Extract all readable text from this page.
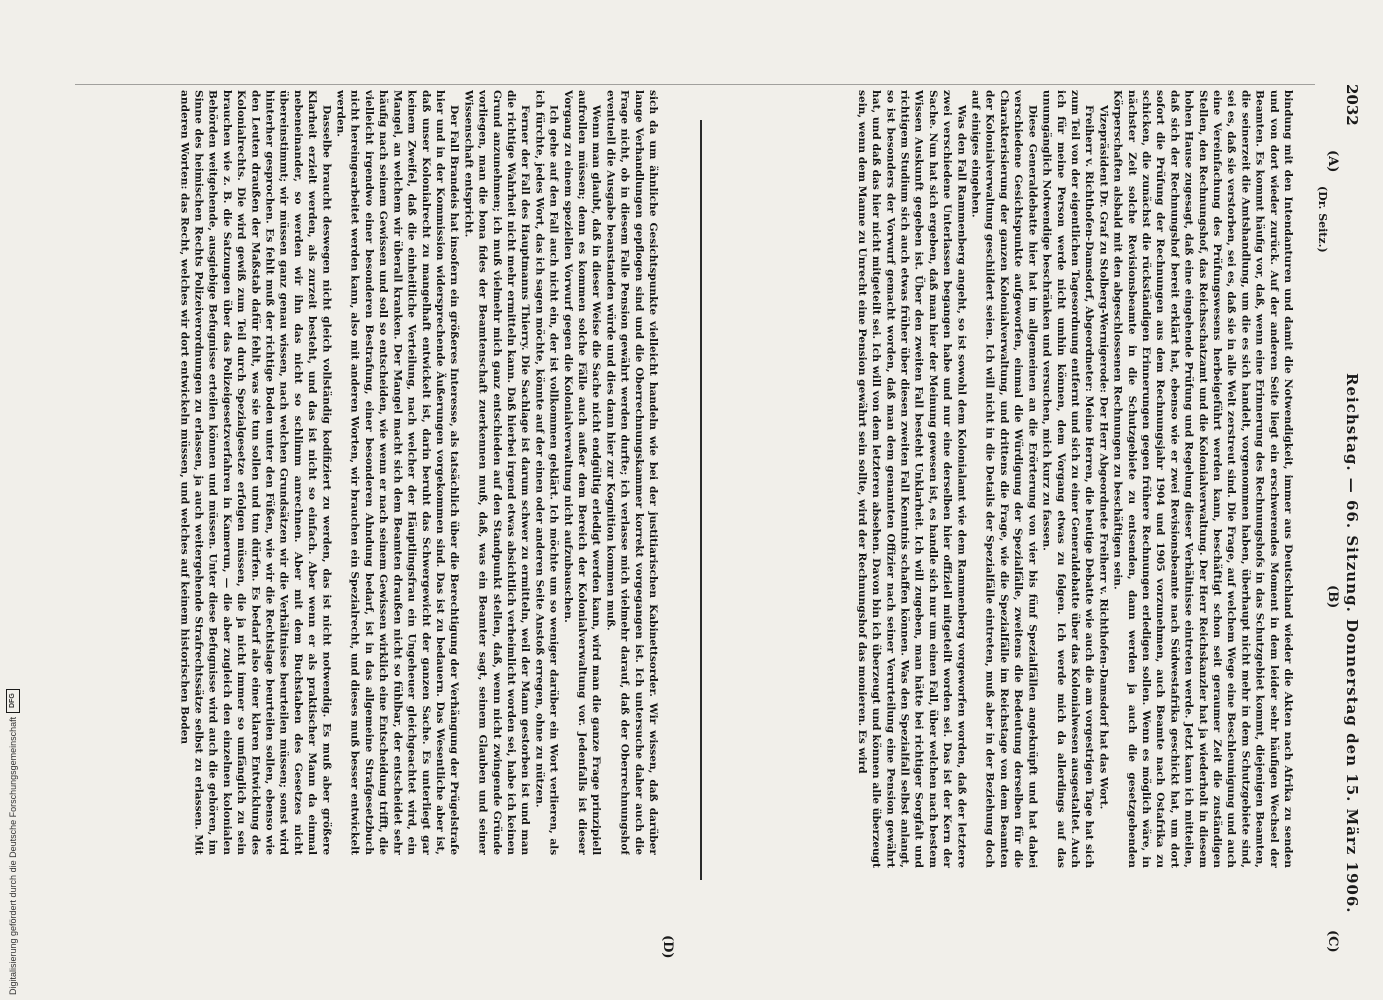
2032
Reichstag. — 66. Sitzung. Donnerstag den 15. März 1906.
(A)
(B)
(C)
(D)
(Dr. Seitz.)

bindung mit den Intendanturen und damit die Notwendigkeit, immer aus Deutschland wieder die Akten nach Afrika zu senden und von dort wieder zurück. Auf der anderen Seite liegt ein erschwerendes Moment in dem leider sehr häufigen Wechsel der Beamten. Es kommt häufig vor, daß, wenn eine Erinnerung des Rechnungshofs in das Schutzgebiet kommt, diejenigen Beamten, die seinerzeit die Amtshandlung, um die es sich handelt, vorgenommen haben, überhaupt nicht mehr in dem Schutzgebiete sind, sei es, daß sie verstorben, sei es, daß sie in alle Welt zerstreut sind. Die Frage, auf welchem Wege eine Beschleunigung und auch eine Vereinfachung des Prüfungswesens herbeigeführt werden kann, beschäftigt schon seit geraumer Zeit die zuständigen Stellen, den Rechnungshof, das Reichsschatzamt und die Kolonialverwaltung. Der Herr Reichskanzler hat ja wiederholt in diesem hohen Hause zugesagt, daß eine eingehende Prüfung und Regelung dieser Verhältnisse eintreten werde. Jetzt kann ich mitteilen, daß sich der Rechnungshof bereit erklärt hat, ebenso wie er zwei Revisionsbeamte nach Südwestafrika geschickt hat, um dort sofort die Prüfung der Rechnungen aus dem Rechnungsjahr 1904 und 1905 vorzunehmen, auch Beamte nach Ostafrika zu schicken, die zunächst die rückständigen Erinnerungen gegen frühere Rechnungen erledigen sollen. Wenn es möglich wäre, in nächster Zeit solche Revisionsbeamte in die Schutzgebiete zu entsenden, dann werden ja auch die gesetzgebenden Körperschaften alsbald mit den abgeschlossenen Rechnungen zu beschäftigen sein.

Vizepräsident Dr. Graf zu Stolberg-Wernigerode: Der Herr Abgeordnete Freiherr v. Richthofen-Damsdorf hat das Wort.

Freiherr v. Richthofen-Damsdorf, Abgeordneter: Meine Herren, die heutige Debatte wie auch die am vorgestrigen Tage hat sich zum Teil von der eigentlichen Tagesordnung entfernt und sich zu einer Generaldebatte über das Kolonialwesen ausgestaltet. Auch ich für meine Person werde nicht umhin können, dem Vorgang etwas zu folgen. Ich werde mich da allerdings auf das unumgänglich Notwendige beschränken und versuchen, mich kurz zu fassen.

Diese Generaldebatte hier hat im allgemeinen an die Erörterung von vier bis fünf Spezialfällen angeknüpft und hat dabei verschiedene Gesichtspunkte aufgeworfen, einmal die Würdigung der Spezialfälle, zweitens die Bedeutung derselben für die Charakterisierung der ganzen Kolonialverwaltung, und drittens die Frage, wie die Spezialfälle im Reichstage von dem Beamten der Kolonialverwaltung geschildert seien. Ich will nicht in die Details der Spezialfälle eintreten, muß aber in der Beziehung doch auf einiges eingehen.

Was den Fall Rammenberg angeht, so ist sowohl dem Kolonialamt wie dem Rammenberg vorgeworfen worden, daß der letztere zwei verschiedene Unterlassen begangen habe und nur eine derselben hier offiziell mitgeteilt worden sei. Das ist der Kern der Sache. Nun hat sich ergeben, daß man hier der Meinung gewesen ist, es handle sich nur um einen Fall, über welchen nach bestem Wissen Auskunft gegeben ist. Über den zweiten Fall besteht Unklarheit. Ich will zugeben, man hätte bei richtiger Sorgfalt und richtigem Studium sich auch etwas früher über diesen zweiten Fall Kenntnis schaffen können. Was den Spezialfall selbst anlangt, so ist besonders der Vorwurf gemacht worden, daß man dem genannten Offizier nach seiner Verurteilung eine Pension gewährt hat, und daß das hier nicht mitgeteilt sei. Ich will von dem letzteren absehen. Davon bin ich überzeugt und können alle überzeugt sein, wenn dem Manne zu Unrecht eine Pension gewährt sein sollte, wird der Rechnungshof das monieren. Es wird

sich da um ähnliche Gesichtspunkte vielleicht handeln wie bei der justitiarischen Kabinettsorder. Wir wissen, daß darüber lange Verhandlungen gepflogen sind und die Oberrechnungskammer korrekt vorgegangen ist. Ich untersuche daher auch die Frage nicht, ob in diesem Falle Pension gewährt werden durfte; ich verlasse mich vielmehr darauf, daß der Oberrechnungshof eventuell die Ausgabe beanstanden würde und dies dann hier zur Kognition kommen muß.

Wenn man glaubt, daß in dieser Weise die Sache nicht endgültig erledigt werden kann, wird man die ganze Frage prinzipiell aufrollen müssen; denn es kommen solche Fälle auch außer dem Bereich der Kolonialverwaltung vor. Jedenfalls ist dieser Vorgang zu einem speziellen Vorwurf gegen die Kolonialverwaltung nicht aufzubauschen.

Ich gehe auf den Fall auch nicht ein, der ist vollkommen geklärt. Ich möchte um so weniger darüber ein Wort verlieren, als ich fürchte, jedes Wort, das ich sagen möchte, könnte auf der einen oder anderen Seite Anstoß erregen, ohne zu nützen.

Ferner der Fall des Hauptmanns Thierry. Die Sachlage ist darum schwer zu ermitteln, weil der Mann gestorben ist und man die richtige Wahrheit nicht mehr ermitteln kann. Daß hierbei irgend etwas absichtlich verheimlicht worden sei, habe ich keinen Grund anzunehmen; ich muß vielmehr mich ganz entschieden auf den Standpunkt stellen, daß, wenn nicht zwingende Gründe vorliegen, man die bona fides der Beamtenschaft zuerkennen muß, daß, was ein Beamter sagt, seinem Glauben und seiner Wissenschaft entspricht.

Der Fall Brandeis hat insofern ein größeres Interesse, als tatsächlich über die Berechtigung der Verhängung der Prügelstrafe hier und in der Kommission widersprechende Äußerungen vorgekommen sind. Das ist zu bedauern. Das Wesentliche aber ist, daß unser Kolonialrecht zu mangelhaft entwickelt ist, darin beruht das Schwergewicht der ganzen Sache. Es unterliegt gar keinem Zweifel, daß die einheitliche Verteilung, nach welcher der Häuptlingsfrau ein Ungeheuer gleichgeachtet wird, ein Mangel, an welchem wir überall kranken. Der Mangel macht sich dem Beamten draußen nicht so fühlbar, der entscheidet sehr häufig nach seinem Gewissen und soll so entscheiden, wie wenn er nach seinem Gewissen wirklich eine Entscheidung trifft, die vielleicht irgendwo einer besonderen Bestrafung, einer besonderen Ahndung bedarf, ist in das allgemeine Strafgesetzbuch nicht hereingearbeitet werden kann, also mit anderen Worten, wir brauchen ein Spezialrecht, und dieses muß besser entwickelt werden.

Dasselbe braucht deswegen nicht gleich vollständig kodifiziert zu werden, das ist nicht notwendig. Es muß aber größere Klarheit erzielt werden, als zurzeit besteht, und das ist nicht so einfach. Aber wenn er als praktischer Mann da einmal nebeneinander, so werden wir ihn das nicht so schlimm anrechnen. Aber mit dem Buchstaben des Gesetzes nicht übereinstimmt; wir müssen ganz genau wissen, nach welchen Grundsätzen wir die Verhältnisse beurteilen müssen; sonst wird hinterher gesprochen. Es fehlt muß der richtige Boden unter den Füßen, wie wir die Rechtslage beurteilen sollen, ebenso wie den Leuten draußen der Maßstab dafür fehlt, was sie tun sollen und tun dürfen. Es bedarf also einer klaren Entwicklung des Kolonialrechts. Die wird gewiß zum Teil durch Spezialgesetze erfolgen müssen, die ja nicht immer so umfänglich zu sein brauchen wie z. B. die Satzungen über das Polizeigesetzverfahren in Kamerun, — die aber zugleich den einzelnen kolonialen Behörden weitgehende, ausgiebige Befugnisse erteilen können und müssen. Unter diese Befugnisse wird auch die gehören, im Sinne des heimischen Rechts Polizeiverordnungen zu erlassen, ja auch weitergehende Strafrechtssätze selbst zu erlassen. Mit anderen Worten: das Recht, welches wir dort entwickeln müssen, und welches auf keinem historischen Boden

Digitalisierung gefördert durch die Deutsche Forschungsgemeinschaft
DFG
